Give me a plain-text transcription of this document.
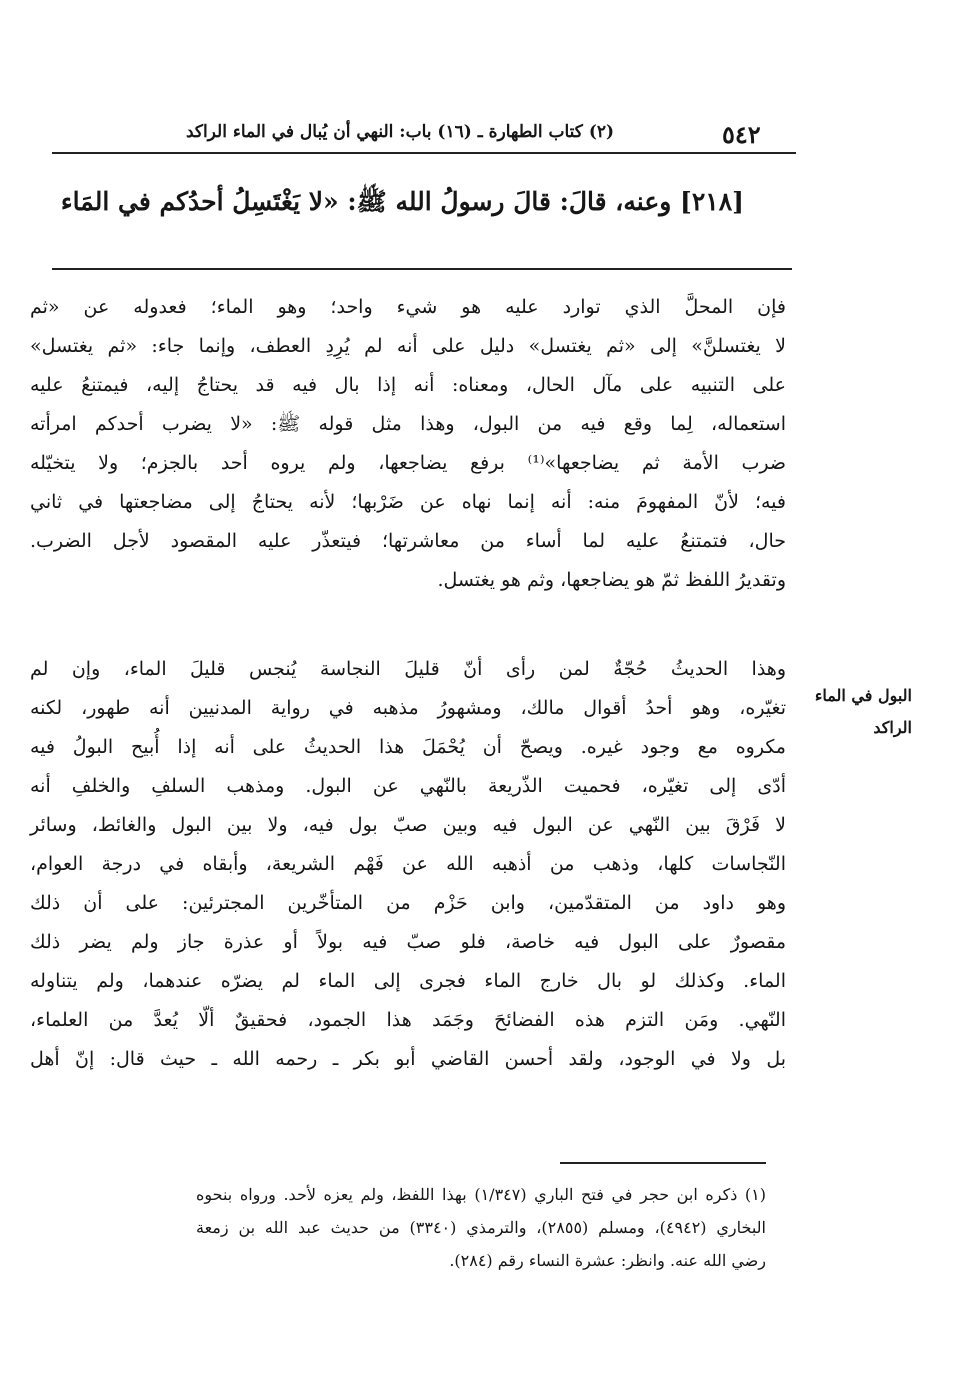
٥٤٢
(٢) كتاب الطهارة ـ (١٦) باب: النهي أن يُبال في الماء الراكد
[٢١٨] وعنه، قالَ: قالَ رسولُ الله ﷺ: «لا يَغْتَسِلُ أحدُكم في المَاء
فإن المحلَّ الذي توارد عليه هو شيء واحد؛ وهو الماء؛ فعدوله عن «ثم
لا يغتسلنَّ» إلى «ثم يغتسل» دليل على أنه لم يُرِدِ العطف، وإنما جاء: «ثم يغتسل»
على التنبيه على مآل الحال، ومعناه: أنه إذا بال فيه قد يحتاجُ إليه، فيمتنعُ عليه
استعماله، لِما وقع فيه من البول، وهذا مثل قوله ﷺ: «لا يضرب أحدكم امرأته
ضرب الأمة ثم يضاجعها»⁽¹⁾ برفع يضاجعها، ولم يروه أحد بالجزم؛ ولا يتخيّله
فيه؛ لأنّ المفهومَ منه: أنه إنما نهاه عن ضَرْبها؛ لأنه يحتاجُ إلى مضاجعتها في ثاني
حال، فتمتنعُ عليه لما أساء من معاشرتها؛ فيتعذّر عليه المقصود لأجل الضرب.
وتقديرُ اللفظ ثمّ هو يضاجعها، وثم هو يغتسل.
البول في الماء الراكد
وهذا الحديثُ حُجّةٌ لمن رأى أنّ قليلَ النجاسة يُنجس قليلَ الماء، وإن لم
تغيّره، وهو أحدُ أقوال مالك، ومشهورُ مذهبه في رواية المدنيين أنه طهور، لكنه
مكروه مع وجود غيره. ويصحّ أن يُحْمَلَ هذا الحديثُ على أنه إذا أُبيح البولُ فيه
أدّى إلى تغيّره، فحميت الذّريعة بالنّهي عن البول. ومذهب السلفِ والخلفِ أنه
لا فَرْقَ بين النّهي عن البول فيه وبين صبّ بول فيه، ولا بين البول والغائط، وسائر
النّجاسات كلها، وذهب من أذهبه الله عن فَهْم الشريعة، وأبقاه في درجة العوام،
وهو داود من المتقدّمين، وابن حَزْم من المتأخّرين المجترئين: على أن ذلك
مقصورٌ على البول فيه خاصة، فلو صبّ فيه بولاً أو عذرة جاز ولم يضر ذلك
الماء. وكذلك لو بال خارج الماء فجرى إلى الماء لم يضرّه عندهما، ولم يتناوله
النّهي. ومَن التزم هذه الفضائحَ وجَمَد هذا الجمود، فحقيقٌ ألّا يُعدَّ من العلماء،
بل ولا في الوجود، ولقد أحسن القاضي أبو بكر ـ رحمه الله ـ حيث قال: إنّ أهل
(١) ذكره ابن حجر في فتح الباري (١/٣٤٧) بهذا اللفظ، ولم يعزه لأحد. ورواه بنحوه
البخاري (٤٩٤٢)، ومسلم (٢٨٥٥)، والترمذي (٣٣٤٠) من حديث عبد الله بن زمعة
رضي الله عنه. وانظر: عشرة النساء رقم (٢٨٤).
